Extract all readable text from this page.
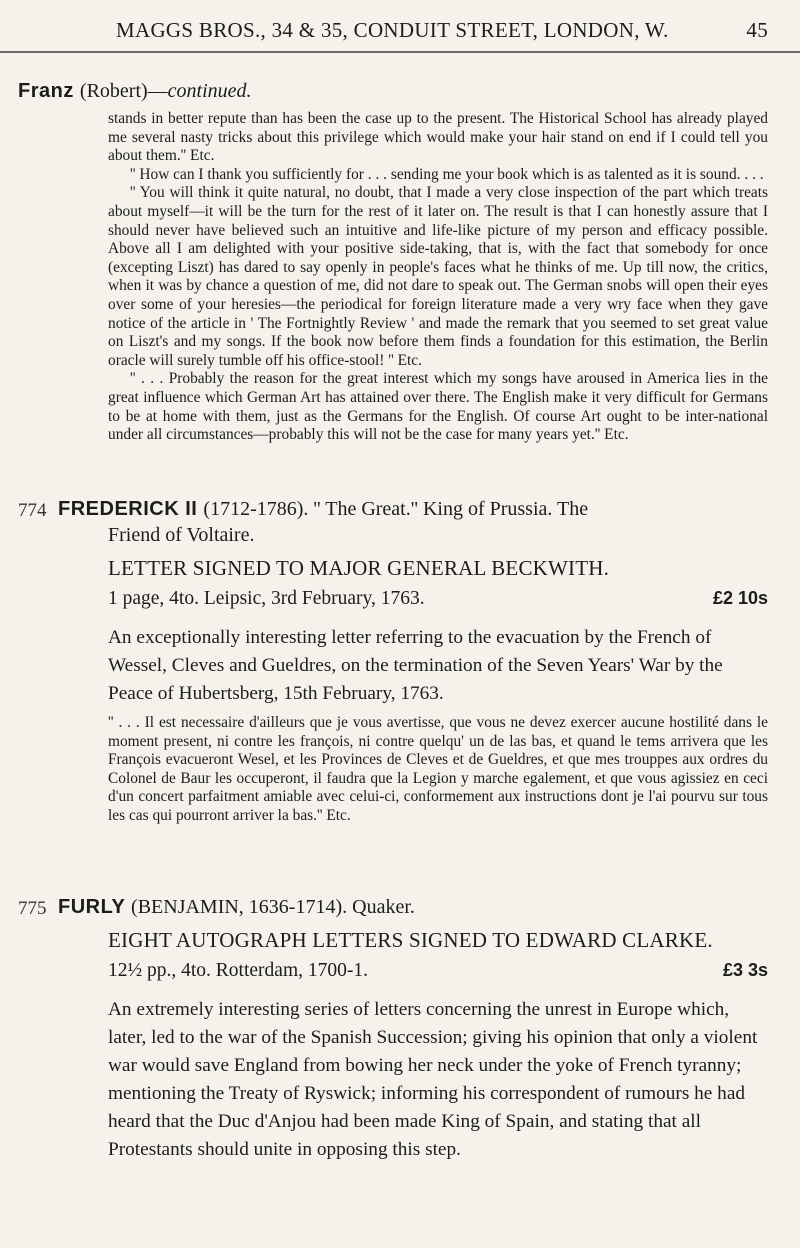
MAGGS BROS., 34 & 35, CONDUIT STREET, LONDON, W.	45
Franz (Robert)—continued.

stands in better repute than has been the case up to the present. The Historical School has already played me several nasty tricks about this privilege which would make your hair stand on end if I could tell you about them.'' Etc.

'' How can I thank you sufficiently for . . . sending me your book which is as talented as it is sound. . . .

'' You will think it quite natural, no doubt, that I made a very close inspection of the part which treats about myself—it will be the turn for the rest of it later on. The result is that I can honestly assure that I should never have believed such an intuitive and life-like picture of my person and efficacy possible. Above all I am delighted with your positive side-taking, that is, with the fact that somebody for once (excepting Liszt) has dared to say openly in people's faces what he thinks of me. Up till now, the critics, when it was by chance a question of me, did not dare to speak out. The German snobs will open their eyes over some of your heresies—the periodical for foreign literature made a very wry face when they gave notice of the article in ' The Fortnightly Review ' and made the remark that you seemed to set great value on Liszt's and my songs. If the book now before them finds a foundation for this estimation, the Berlin oracle will surely tumble off his office-stool! '' Etc.

'' . . . Probably the reason for the great interest which my songs have aroused in America lies in the great influence which German Art has attained over there. The English make it very difficult for Germans to be at home with them, just as the Germans for the English. Of course Art ought to be inter-national under all circumstances—probably this will not be the case for many years yet.'' Etc.

774 FREDERICK II (1712-1786). '' The Great.'' King of Prussia. The
Friend of Voltaire.
LETTER SIGNED TO MAJOR GENERAL BECKWITH.
1 page, 4to. Leipsic, 3rd February, 1763.	£2 10s
An exceptionally interesting letter referring to the evacuation by the French of Wessel, Cleves and Gueldres, on the termination of the Seven Years' War by the Peace of Hubertsberg, 15th February, 1763.
'' . . . Il est necessaire d'ailleurs que je vous avertisse, que vous ne devez exercer aucune hostilité dans le moment present, ni contre les françois, ni contre quelqu' un de las bas, et quand le tems arrivera que les François evacueront Wesel, et les Provinces de Cleves et de Gueldres, et que mes trouppes aux ordres du Colonel de Baur les occuperont, il faudra que la Legion y marche egalement, et que vous agissiez en ceci d'un concert parfaitment amiable avec celui-ci, conformement aux instructions dont je l'ai pourvu sur tous les cas qui pourront arriver la bas.'' Etc.
775 FURLY (BENJAMIN, 1636-1714). Quaker.
EIGHT AUTOGRAPH LETTERS SIGNED TO EDWARD CLARKE.
12½ pp., 4to. Rotterdam, 1700-1.	£3 3s
An extremely interesting series of letters concerning the unrest in Europe which, later, led to the war of the Spanish Succession; giving his opinion that only a violent war would save England from bowing her neck under the yoke of French tyranny; mentioning the Treaty of Ryswick; informing his correspondent of rumours he had heard that the Duc d'Anjou had been made King of Spain, and stating that all Protestants should unite in opposing this step.
